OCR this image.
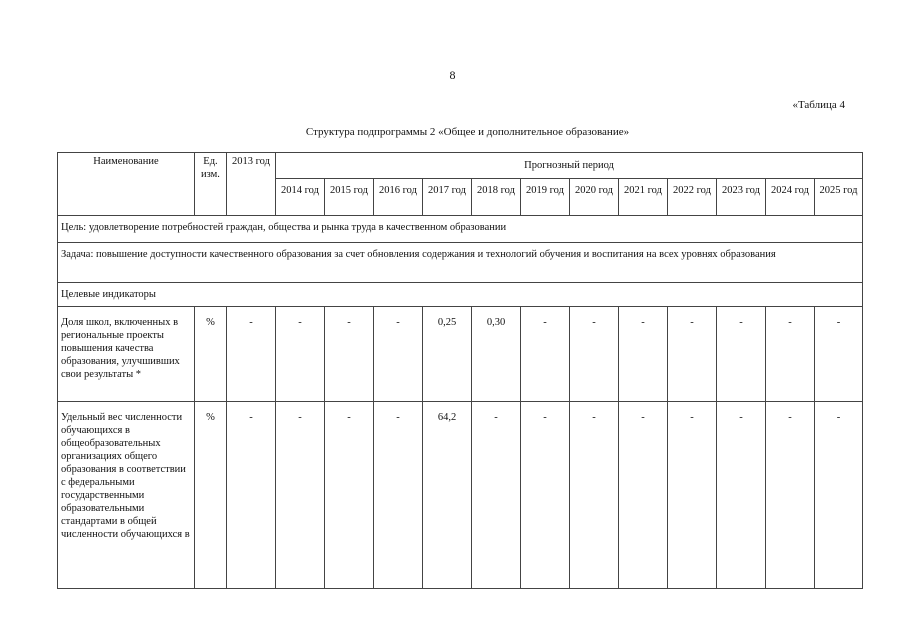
8
«Таблица 4
Структура подпрограммы 2 «Общее и дополнительное образование»
Наименование	Ед. изм.	2013 год	Прогнозный период											
			2014 год	2015 год	2016 год	2017 год	2018 год	2019 год	2020 год	2021 год	2022 год	2023 год	2024 год	2025 год
Цель: удовлетворение потребностей граждан, общества и рынка труда в качественном образовании														
Задача: повышение доступности качественного образования за счет обновления содержания и технологий обучения и воспитания на всех уровнях образования														
Целевые индикаторы														
Доля школ, включенных в региональные проекты повышения качества образования, улучшивших свои результаты *	%	-	-	-	-	0,25	0,30	-	-	-	-	-	-	-
Удельный вес численности обучающихся в общеобразовательных организациях общего образования в соответствии с федеральными государственными образовательными стандартами в общей численности обучающихся в	%	-	-	-	-	64,2	-	-	-	-	-	-	-	-
